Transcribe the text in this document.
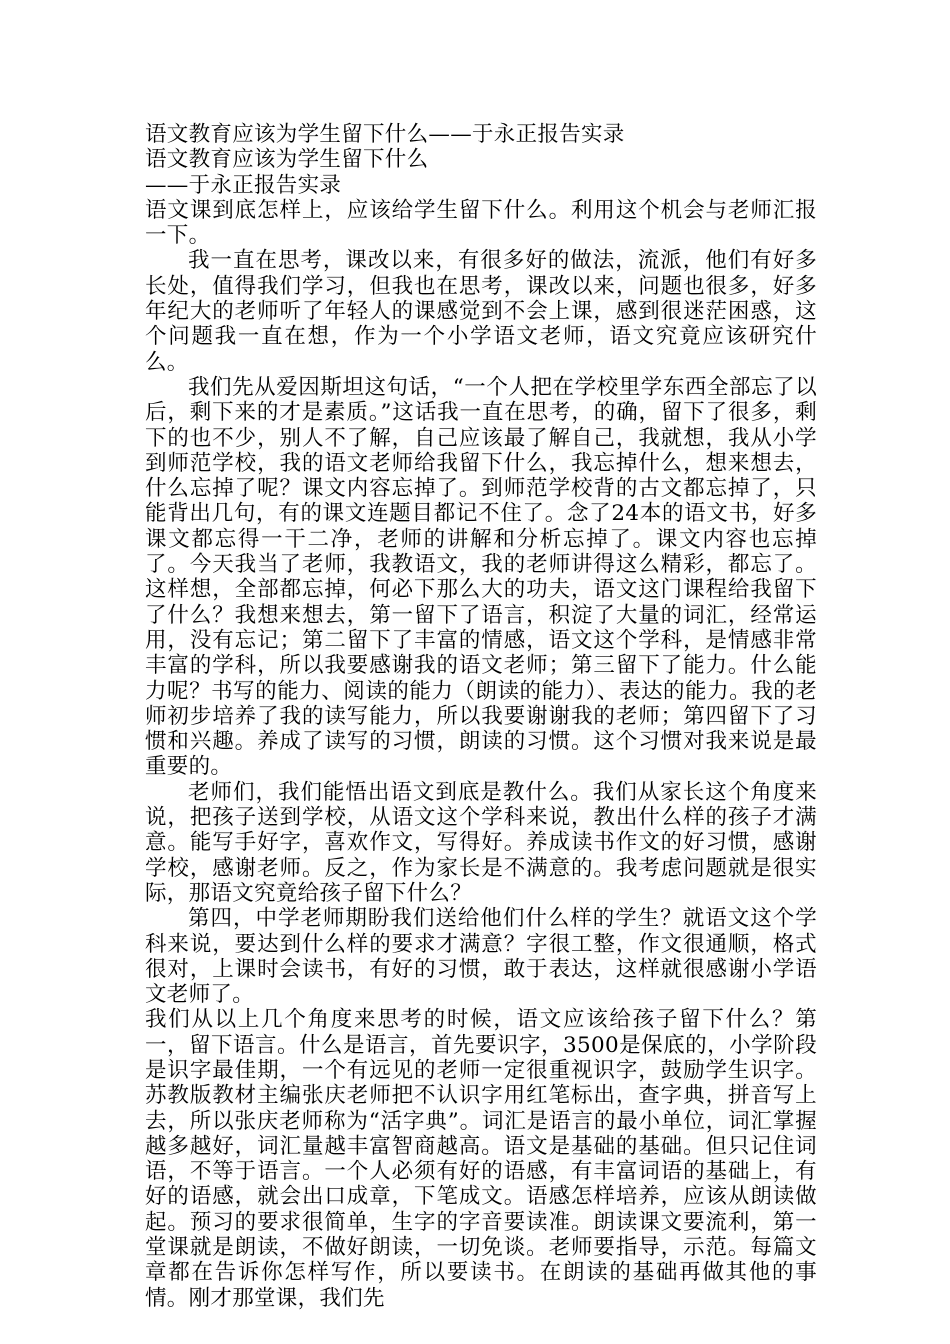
语文教育应该为学生留下什么——于永正报告实录

语文教育应该为学生留下什么

——于永正报告实录

语文课到底怎样上，应该给学生留下什么。利用这个机会与老师汇报一下。

我一直在思考，课改以来，有很多好的做法，流派，他们有好多长处，值得我们学习，但我也在思考，课改以来，问题也很多，好多年纪大的老师听了年轻人的课感觉到不会上课，感到很迷茫困惑，这个问题我一直在想，作为一个小学语文老师，语文究竟应该研究什么。

我们先从爱因斯坦这句话，“一个人把在学校里学东西全部忘了以后，剩下来的才是素质。”这话我一直在思考，的确，留下了很多，剩下的也不少，别人不了解，自己应该最了解自己，我就想，我从小学到师范学校，我的语文老师给我留下什么，我忘掉什么，想来想去，什么忘掉了呢？课文内容忘掉了。到师范学校背的古文都忘掉了，只能背出几句，有的课文连题目都记不住了。念了24本的语文书，好多课文都忘得一干二净，老师的讲解和分析忘掉了。课文内容也忘掉了。今天我当了老师，我教语文，我的老师讲得这么精彩，都忘了。这样想，全部都忘掉，何必下那么大的功夫，语文这门课程给我留下了什么？我想来想去，第一留下了语言，积淀了大量的词汇，经常运用，没有忘记；第二留下了丰富的情感，语文这个学科，是情感非常丰富的学科，所以我要感谢我的语文老师；第三留下了能力。什么能力呢？书写的能力、阅读的能力（朗读的能力）、表达的能力。我的老师初步培养了我的读写能力，所以我要谢谢我的老师；第四留下了习惯和兴趣。养成了读写的习惯，朗读的习惯。这个习惯对我来说是最重要的。

老师们，我们能悟出语文到底是教什么。我们从家长这个角度来说，把孩子送到学校，从语文这个学科来说，教出什么样的孩子才满意。能写手好字，喜欢作文，写得好。养成读书作文的好习惯，感谢学校，感谢老师。反之，作为家长是不满意的。我考虑问题就是很实际，那语文究竟给孩子留下什么？

第四，中学老师期盼我们送给他们什么样的学生？就语文这个学科来说，要达到什么样的要求才满意？字很工整，作文很通顺，格式很对，上课时会读书，有好的习惯，敢于表达，这样就很感谢小学语文老师了。

我们从以上几个角度来思考的时候，语文应该给孩子留下什么？第一，留下语言。什么是语言，首先要识字，3500是保底的，小学阶段是识字最佳期，一个有远见的老师一定很重视识字，鼓励学生识字。苏教版教材主编张庆老师把不认识字用红笔标出，查字典，拼音写上去，所以张庆老师称为“活字典”。词汇是语言的最小单位，词汇掌握越多越好，词汇量越丰富智商越高。语文是基础的基础。但只记住词语，不等于语言。一个人必须有好的语感，有丰富词语的基础上，有好的语感，就会出口成章，下笔成文。语感怎样培养，应该从朗读做起。预习的要求很简单，生字的字音要读准。朗读课文要流利，第一堂课就是朗读，不做好朗读，一切免谈。老师要指导，示范。每篇文章都在告诉你怎样写作，所以要读书。在朗读的基础再做其他的事情。刚才那堂课，我们先
